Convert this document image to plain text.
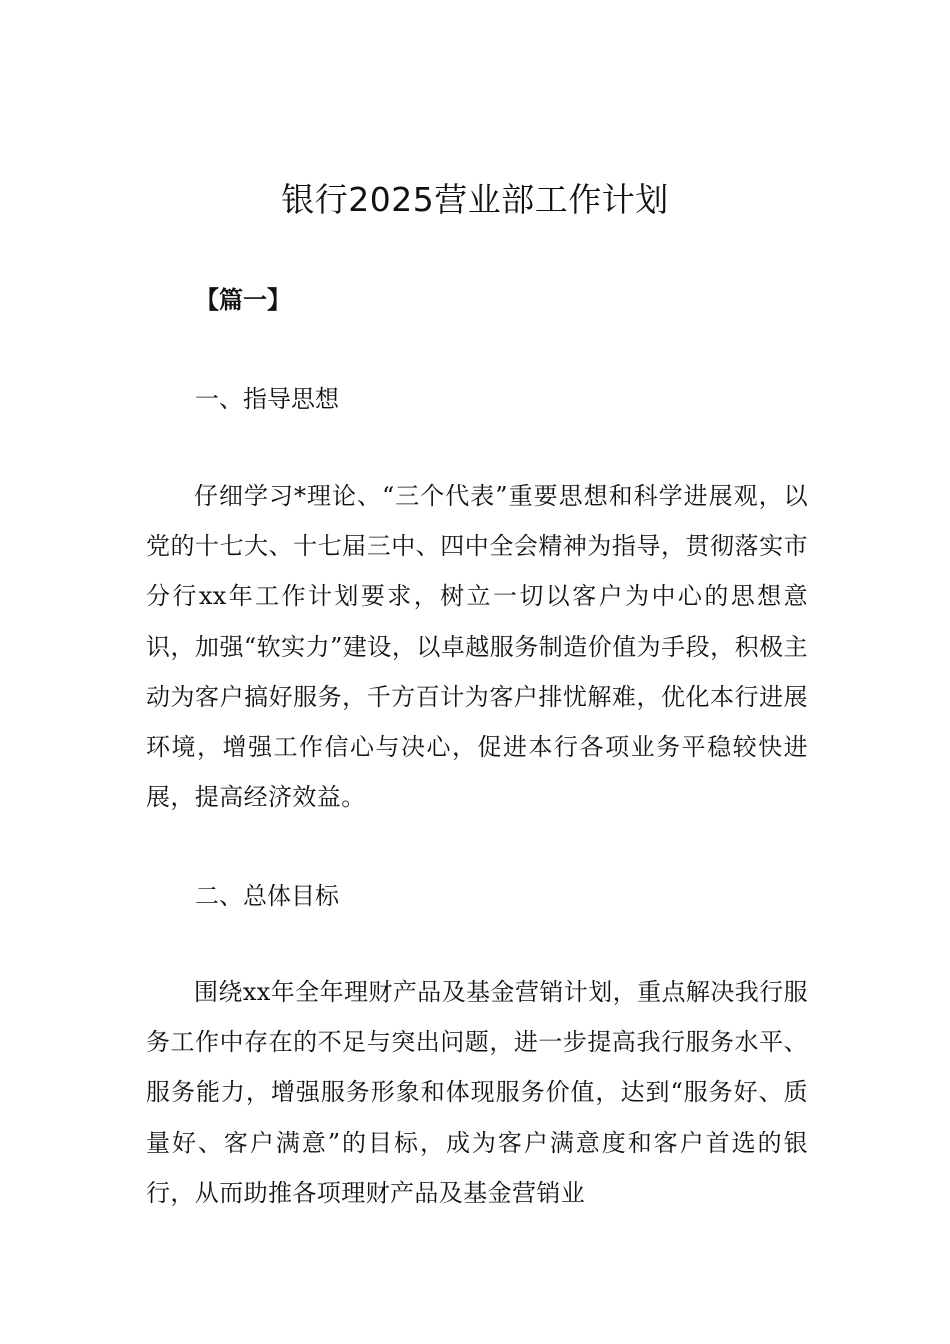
银行2025营业部工作计划
【篇一】
一、指导思想

仔细学习*理论、“三个代表”重要思想和科学进展观，以党的十七大、十七届三中、四中全会精神为指导，贯彻落实市分行xx年工作计划要求，树立一切以客户为中心的思想意识，加强“软实力”建设，以卓越服务制造价值为手段，积极主动为客户搞好服务，千方百计为客户排忧解难，优化本行进展环境，增强工作信心与决心，促进本行各项业务平稳较快进展，提高经济效益。

二、总体目标

围绕xx年全年理财产品及基金营销计划，重点解决我行服务工作中存在的不足与突出问题，进一步提高我行服务水平、服务能力，增强服务形象和体现服务价值，达到“服务好、质量好、客户满意”的目标，成为客户满意度和客户首选的银行，从而助推各项理财产品及基金营销业
